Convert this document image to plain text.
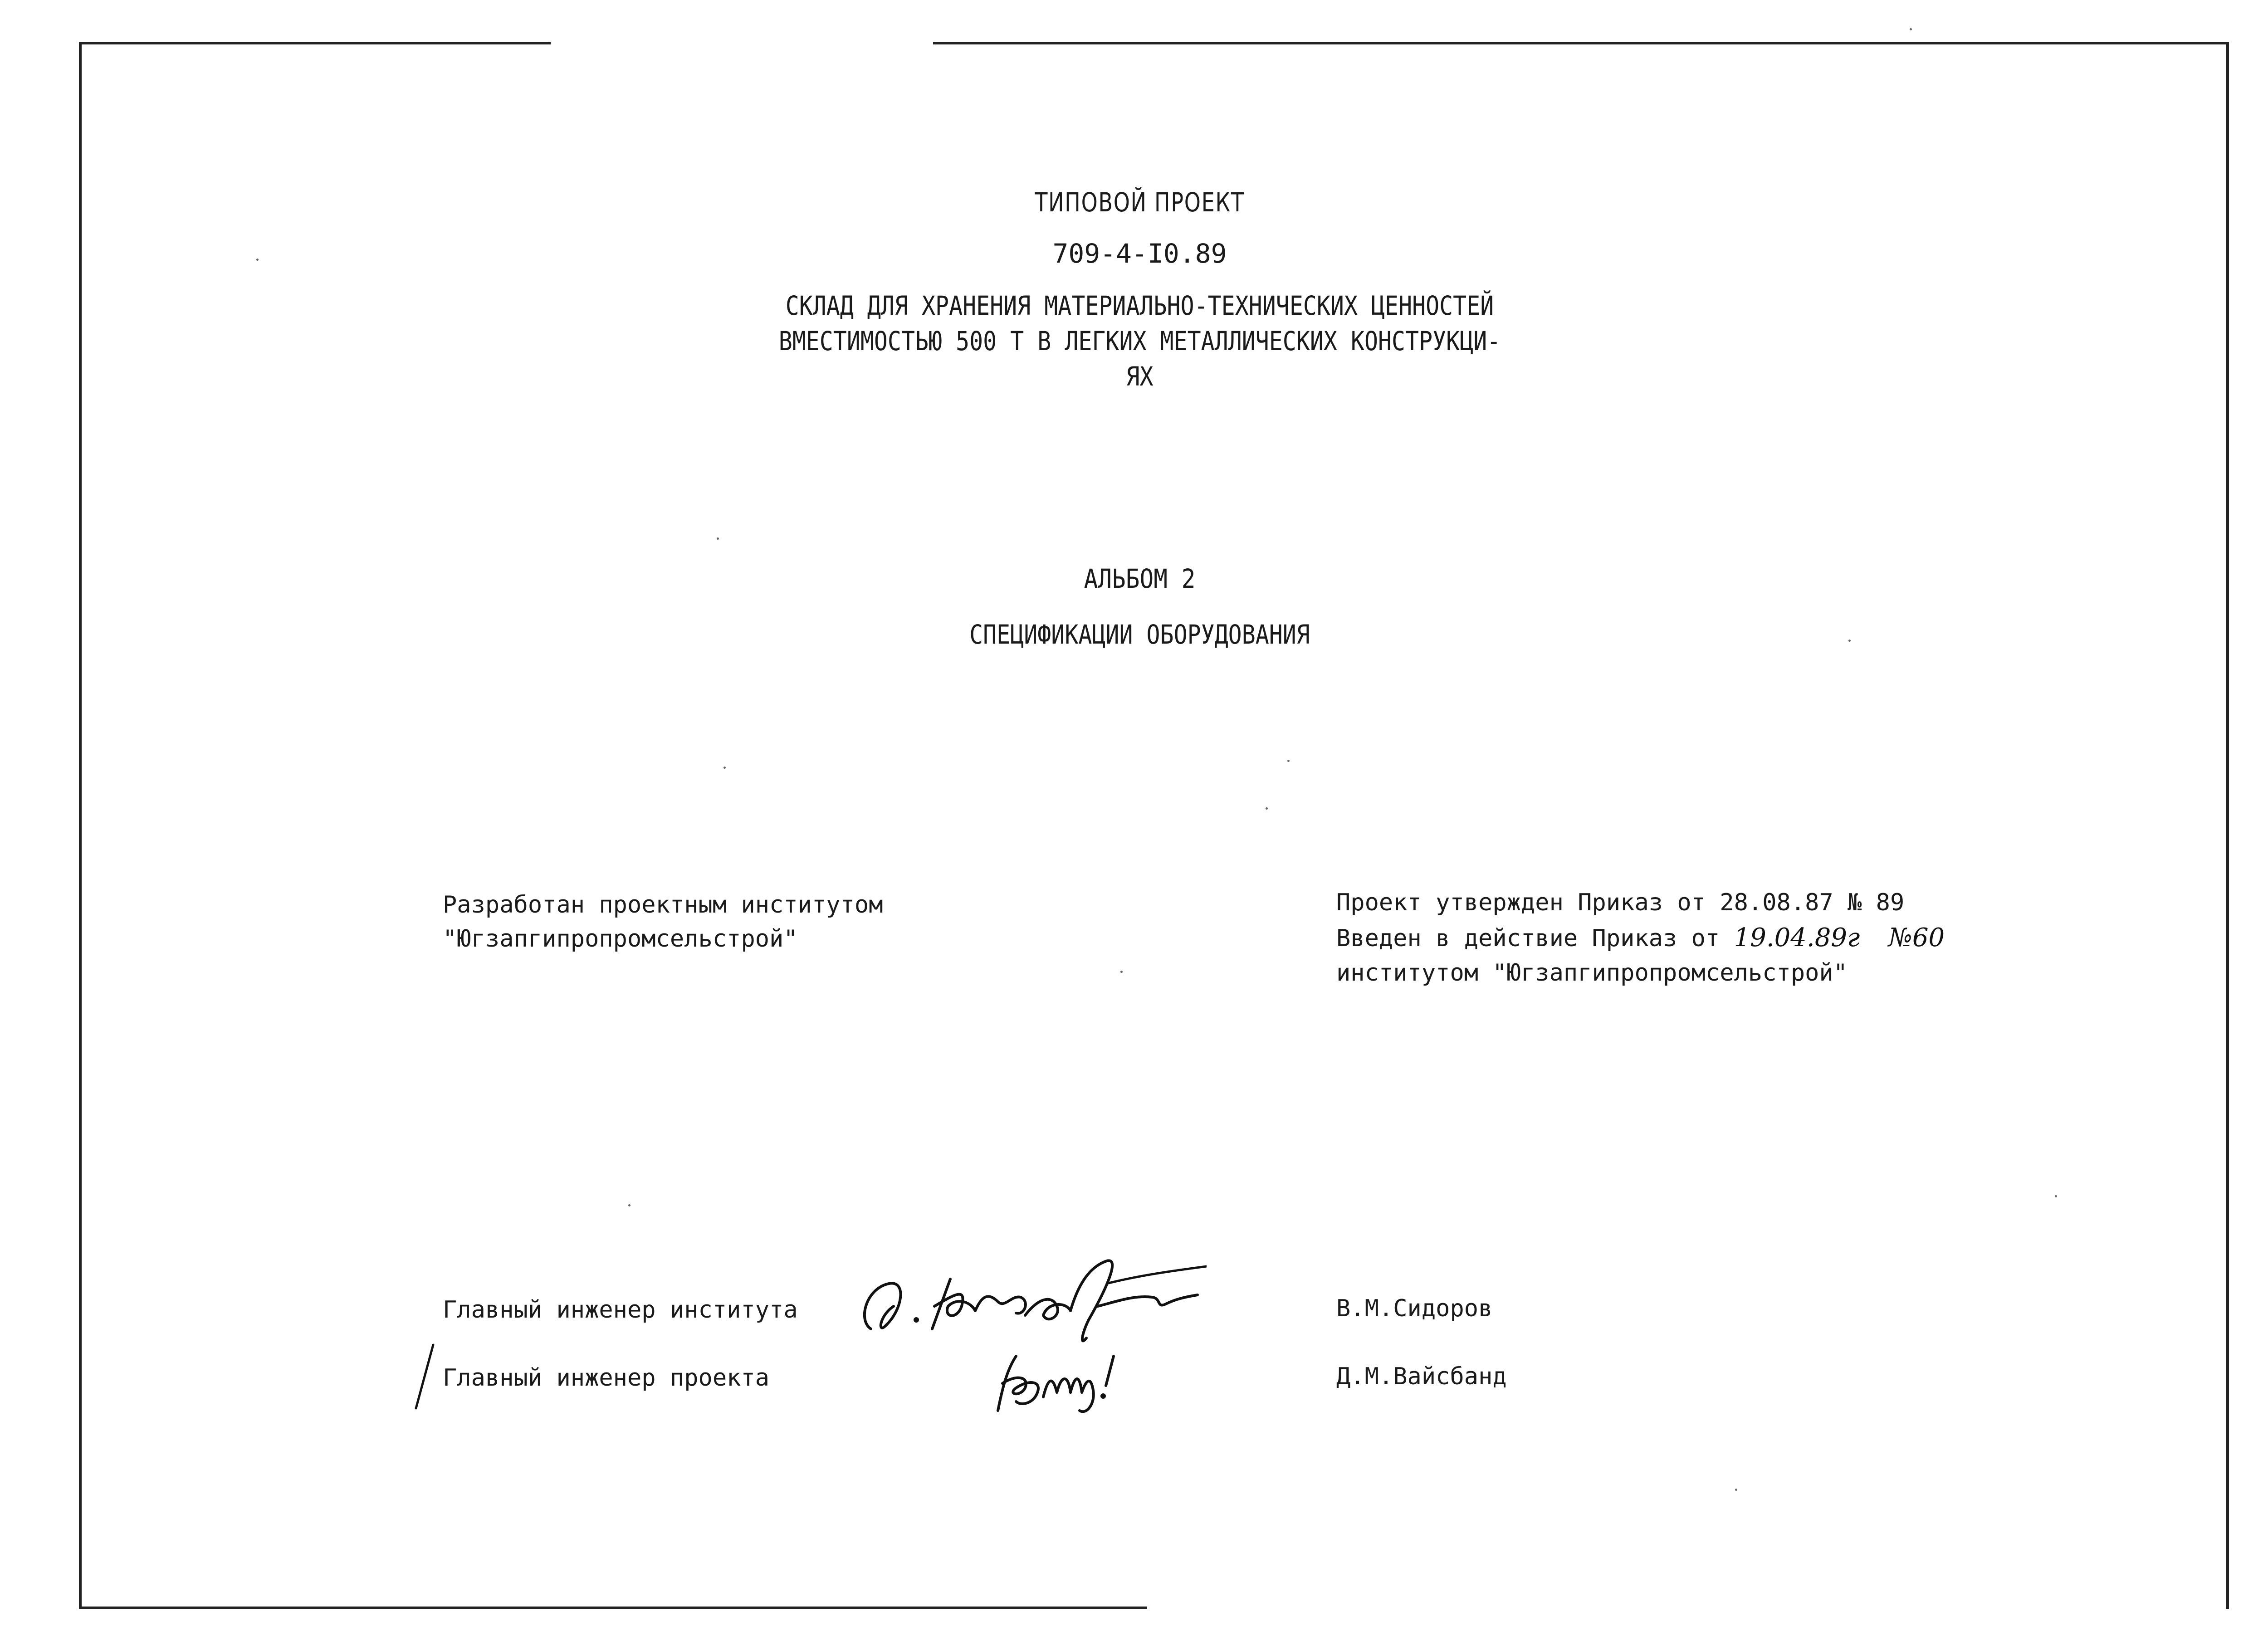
ТИПОВОЙ ПРОЕКТ
709-4-I0.89
СКЛАД ДЛЯ ХРАНЕНИЯ МАТЕРИАЛЬНО-ТЕХНИЧЕСКИХ ЦЕННОСТЕЙ
ВМЕСТИМОСТЬЮ 500 Т В ЛЕГКИХ МЕТАЛЛИЧЕСКИХ КОНСТРУКЦИ-
ЯХ
АЛЬБОМ 2
СПЕЦИФИКАЦИИ ОБОРУДОВАНИЯ
Разработан проектным институтом
"Югзапгипропромсельстрой"
Проект утвержден Приказ от 28.08.87 № 89
Введен в действие Приказ от 19.04.89г №60
институтом "Югзапгипропромсельстрой"
Главный инженер института
Главный инженер проекта
В.М.Сидоров
Д.М.Вайсбанд
